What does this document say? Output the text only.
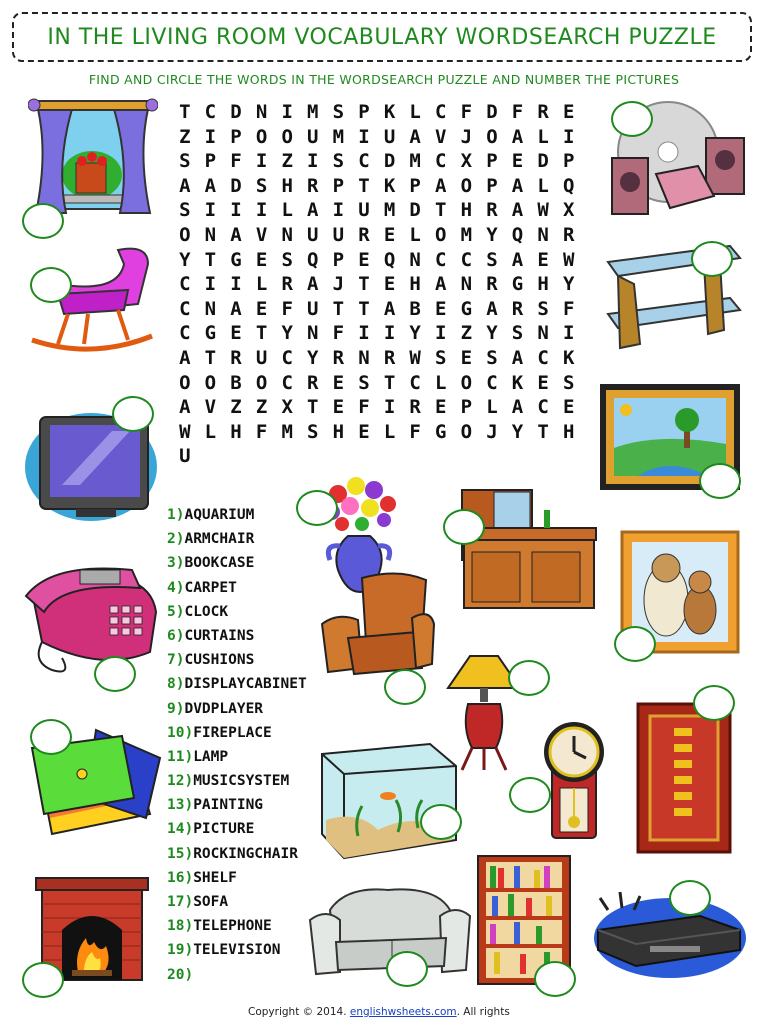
IN THE LIVING ROOM VOCABULARY WORDSEARCH PUZZLE
FIND AND CIRCLE THE WORDS IN THE WORDSEARCH PUZZLE AND NUMBER THE PICTURES
T C D N I M S P K L C F D F R E
Z I P O O U M I U A V J O A L I
S P F I Z I S C D M C X P E D P
A A D S H R P T K P A O P A L Q
S I I I L A I U M D T H R A W X
O N A V N U U R E L O M Y Q N R
Y T G E S Q P E Q N C C S A E W
C I I L R A J T E H A N R G H Y
C N A E F U T T A B E G A R S F
C G E T Y N F I I Y I Z Y S N I
A T R U C Y R N R W S E S A C K
O O B O C R E S T C L O C K E S
A V Z Z X T E F I R E P L A C E
W L H F M S H E L F G O J Y T H
U
1)AQUARIUM
2)ARMCHAIR
3)BOOKCASE
4)CARPET
5)CLOCK
6)CURTAINS
7)CUSHIONS
8)DISPLAYCABINET
9)DVDPLAYER
10)FIREPLACE
11)LAMP
12)MUSICSYSTEM
13)PAINTING
14)PICTURE
15)ROCKINGCHAIR
16)SHELF
17)SOFA
18)TELEPHONE
19)TELEVISION
20)
Copyright © 2014. englishwsheets.com. All rights
